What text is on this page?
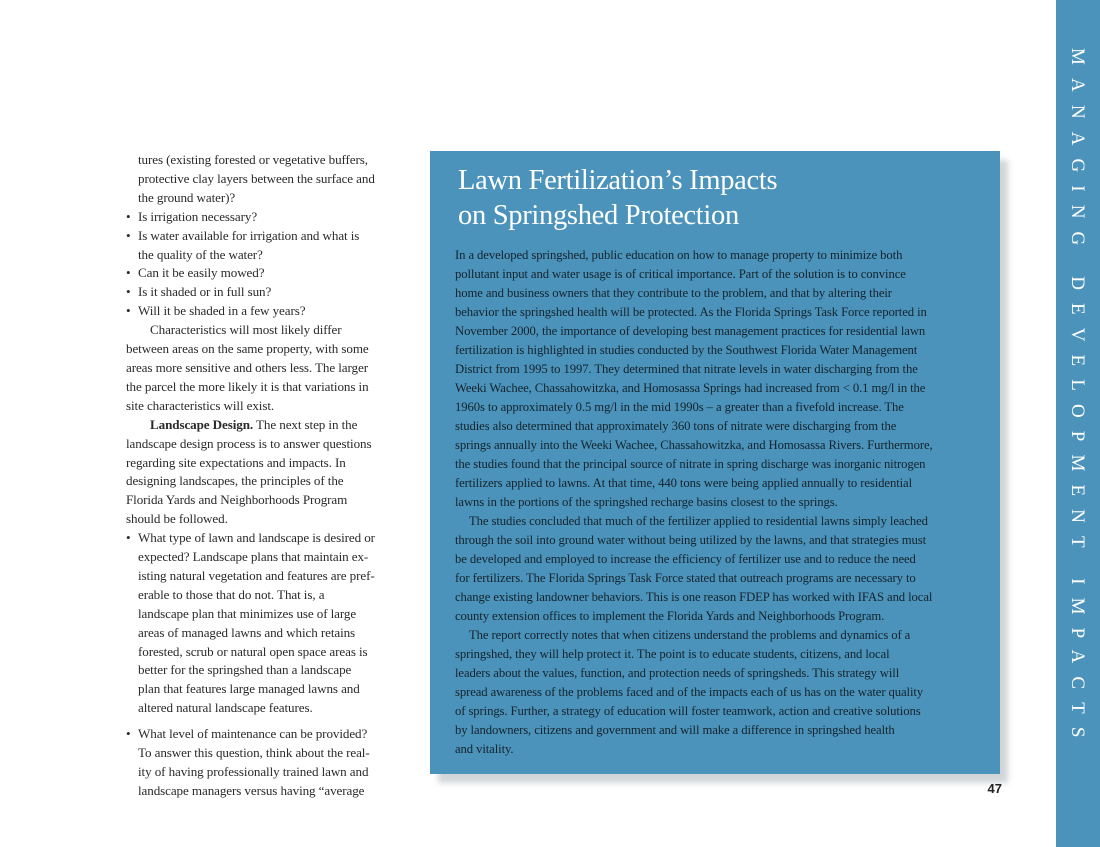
tures (existing forested or vegetative buffers,
protective clay layers between the surface and
the ground water)?

• Is irrigation necessary?

• Is water available for irrigation and what is
the quality of the water?

• Can it be easily mowed?

• Is it shaded or in full sun?

• Will it be shaded in a few years?

Characteristics will most likely differ
between areas on the same property, with some
areas more sensitive and others less. The larger
the parcel the more likely it is that variations in
site characteristics will exist.

Landscape Design. The next step in the
landscape design process is to answer questions
regarding site expectations and impacts. In
designing landscapes, the principles of the
Florida Yards and Neighborhoods Program
should be followed.

• What type of lawn and landscape is desired or
expected? Landscape plans that maintain ex-
isting natural vegetation and features are pref-
erable to those that do not. That is, a
landscape plan that minimizes use of large
areas of managed lawns and which retains
forested, scrub or natural open space areas is
better for the springshed than a landscape
plan that features large managed lawns and
altered natural landscape features.

• What level of maintenance can be provided?
To answer this question, think about the real-
ity of having professionally trained lawn and
landscape managers versus having “average

Lawn Fertilization’s Impacts
on Springshed Protection

In a developed springshed, public education on how to manage property to minimize both
pollutant input and water usage is of critical importance. Part of the solution is to convince
home and business owners that they contribute to the problem, and that by altering their
behavior the springshed health will be protected. As the Florida Springs Task Force reported in
November 2000, the importance of developing best management practices for residential lawn
fertilization is highlighted in studies conducted by the Southwest Florida Water Management
District from 1995 to 1997. They determined that nitrate levels in water discharging from the
Weeki Wachee, Chassahowitzka, and Homosassa Springs had increased from < 0.1 mg/l in the
1960s to approximately 0.5 mg/l in the mid 1990s – a greater than a fivefold increase. The
studies also determined that approximately 360 tons of nitrate were discharging from the
springs annually into the Weeki Wachee, Chassahowitzka, and Homosassa Rivers. Furthermore,
the studies found that the principal source of nitrate in spring discharge was inorganic nitrogen
fertilizers applied to lawns. At that time, 440 tons were being applied annually to residential
lawns in the portions of the springshed recharge basins closest to the springs.

The studies concluded that much of the fertilizer applied to residential lawns simply leached
through the soil into ground water without being utilized by the lawns, and that strategies must
be developed and employed to increase the efficiency of fertilizer use and to reduce the need
for fertilizers. The Florida Springs Task Force stated that outreach programs are necessary to
change existing landowner behaviors. This is one reason FDEP has worked with IFAS and local
county extension offices to implement the Florida Yards and Neighborhoods Program.

The report correctly notes that when citizens understand the problems and dynamics of a
springshed, they will help protect it. The point is to educate students, citizens, and local
leaders about the values, function, and protection needs of springsheds. This strategy will
spread awareness of the problems faced and of the impacts each of us has on the water quality
of springs. Further, a strategy of education will foster teamwork, action and creative solutions
by landowners, citizens and government and will make a difference in springshed health
and vitality.

47
MANAGING DEVELOPMENT IMPACTS
